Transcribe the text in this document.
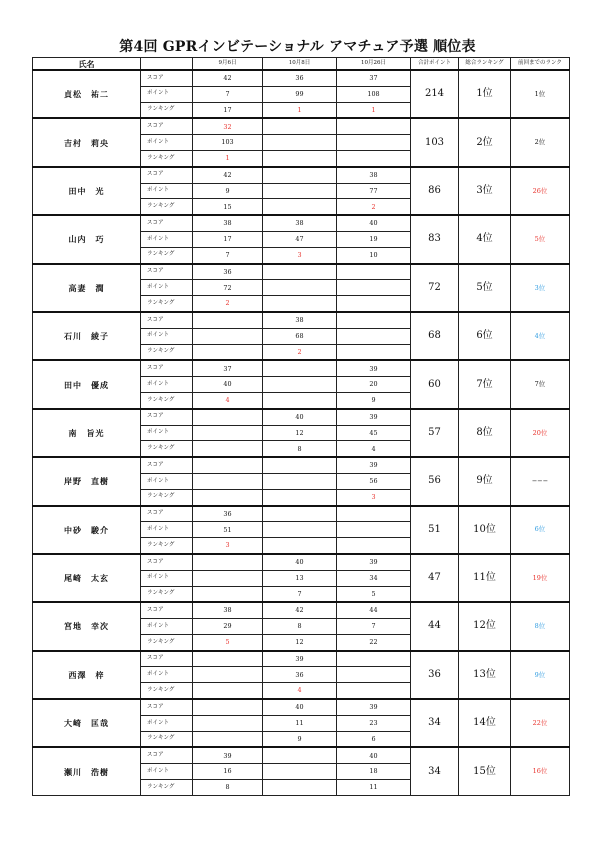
第4回 GPRインビテーショナル アマチュア予選 順位表
氏名		9月6日	10月8日	10月26日	合計ポイント	総合ランキング	前回までのランク
貞松　祐二	スコア	42	36	37	214	1位	1位
	ポイント	7	99	108			
	ランキング	17	1	1			
吉村　莉央	スコア	32			103	2位	2位
	ポイント	103					
	ランキング	1					
田中　光	スコア	42		38	86	3位	26位
	ポイント	9		77			
	ランキング	15		2			
山内　巧	スコア	38	38	40	83	4位	5位
	ポイント	17	47	19			
	ランキング	7	3	10			
高妻　潤	スコア	36			72	5位	3位
	ポイント	72					
	ランキング	2					
石川　綾子	スコア		38		68	6位	4位
	ポイント		68				
	ランキング		2				
田中　優成	スコア	37		39	60	7位	7位
	ポイント	40		20			
	ランキング	4		9			
南　旨光	スコア		40	39	57	8位	20位
	ポイント		12	45			
	ランキング		8	4			
岸野　直樹	スコア			39	56	9位	−−−
	ポイント			56			
	ランキング			3			
中砂　駿介	スコア	36			51	10位	6位
	ポイント	51					
	ランキング	3					
尾崎　太玄	スコア		40	39	47	11位	19位
	ポイント		13	34			
	ランキング		7	5			
宮地　幸次	スコア	38	42	44	44	12位	8位
	ポイント	29	8	7			
	ランキング	5	12	22			
西澤　梓	スコア		39		36	13位	9位
	ポイント		36				
	ランキング		4				
大崎　匡哉	スコア		40	39	34	14位	22位
	ポイント		11	23			
	ランキング		9	6			
瀬川　浩樹	スコア	39		40	34	15位	16位
	ポイント	16		18			
	ランキング	8		11			
